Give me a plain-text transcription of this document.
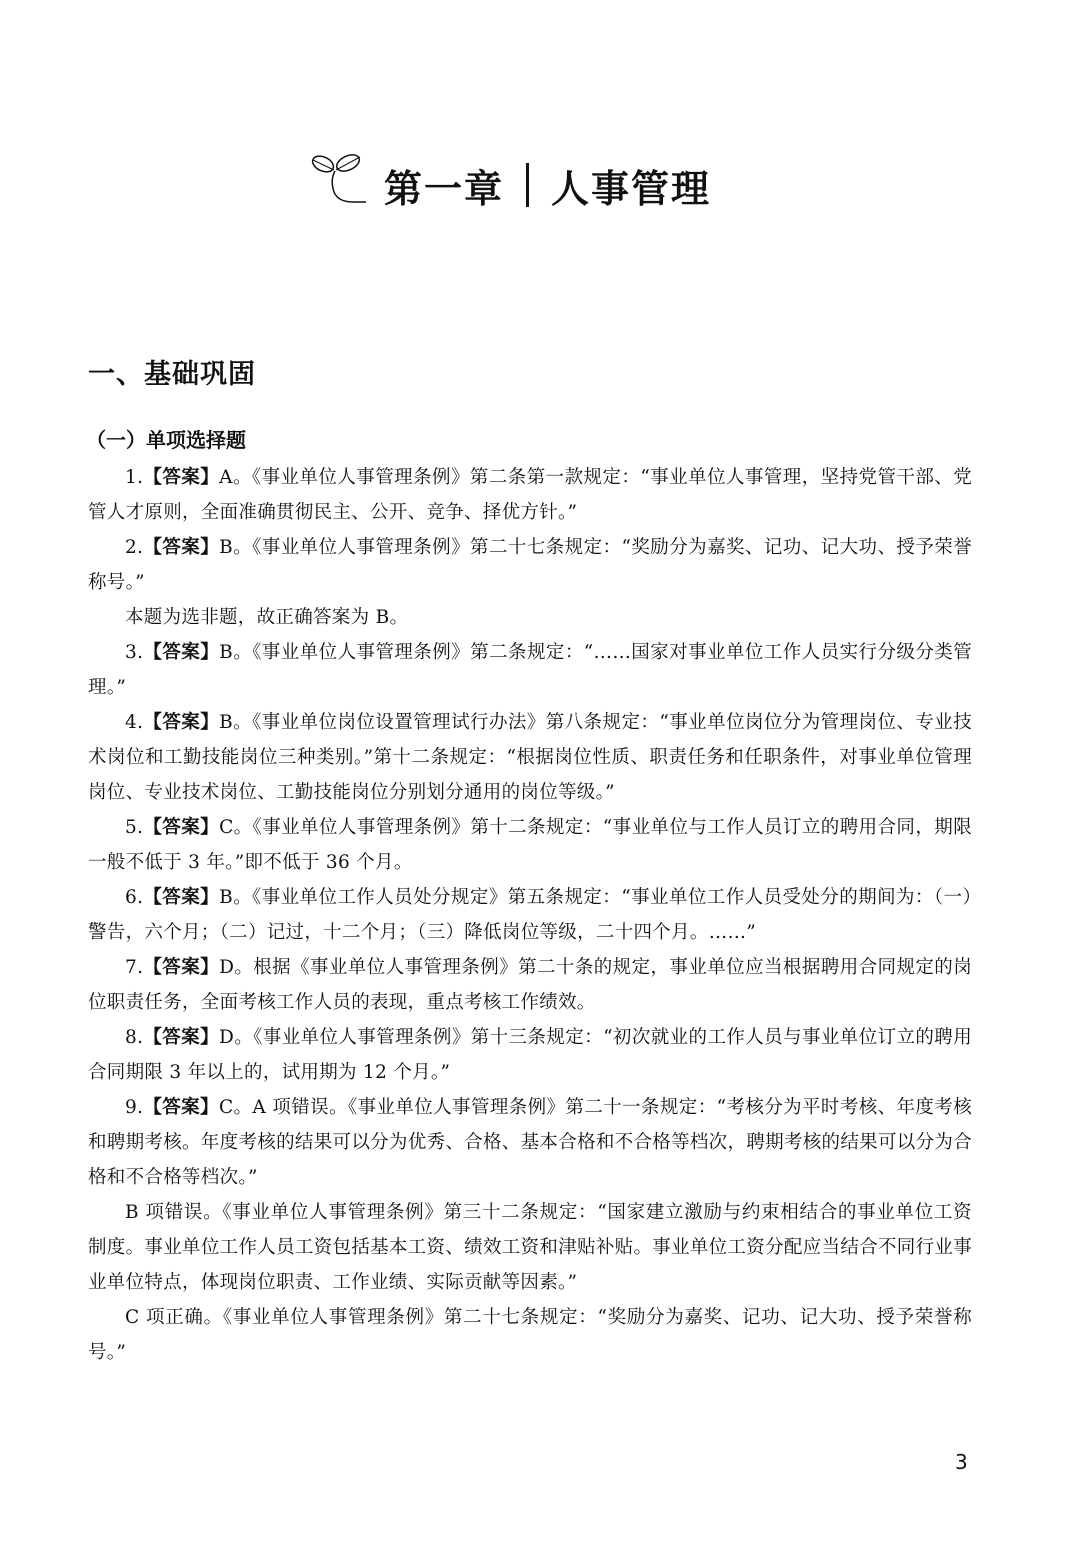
第一章 人事管理
一、基础巩固
（一）单项选择题

1.【答案】A。《事业单位人事管理条例》第二条第一款规定：“事业单位人事管理，坚持党管干部、党管人才原则，全面准确贯彻民主、公开、竞争、择优方针。”

2.【答案】B。《事业单位人事管理条例》第二十七条规定：“奖励分为嘉奖、记功、记大功、授予荣誉称号。”

本题为选非题，故正确答案为 B。

3.【答案】B。《事业单位人事管理条例》第二条规定：“……国家对事业单位工作人员实行分级分类管理。”

4.【答案】B。《事业单位岗位设置管理试行办法》第八条规定：“事业单位岗位分为管理岗位、专业技术岗位和工勤技能岗位三种类别。”第十二条规定：“根据岗位性质、职责任务和任职条件，对事业单位管理岗位、专业技术岗位、工勤技能岗位分别划分通用的岗位等级。”

5.【答案】C。《事业单位人事管理条例》第十二条规定：“事业单位与工作人员订立的聘用合同，期限一般不低于 3 年。”即不低于 36 个月。

6.【答案】B。《事业单位工作人员处分规定》第五条规定：“事业单位工作人员受处分的期间为：（一）警告，六个月；（二）记过，十二个月；（三）降低岗位等级，二十四个月。……”

7.【答案】D。根据《事业单位人事管理条例》第二十条的规定，事业单位应当根据聘用合同规定的岗位职责任务，全面考核工作人员的表现，重点考核工作绩效。

8.【答案】D。《事业单位人事管理条例》第十三条规定：“初次就业的工作人员与事业单位订立的聘用合同期限 3 年以上的，试用期为 12 个月。”

9.【答案】C。A 项错误。《事业单位人事管理条例》第二十一条规定：“考核分为平时考核、年度考核和聘期考核。年度考核的结果可以分为优秀、合格、基本合格和不合格等档次，聘期考核的结果可以分为合格和不合格等档次。”

B 项错误。《事业单位人事管理条例》第三十二条规定：“国家建立激励与约束相结合的事业单位工资制度。事业单位工作人员工资包括基本工资、绩效工资和津贴补贴。事业单位工资分配应当结合不同行业事业单位特点，体现岗位职责、工作业绩、实际贡献等因素。”

C 项正确。《事业单位人事管理条例》第二十七条规定：“奖励分为嘉奖、记功、记大功、授予荣誉称号。”

3
